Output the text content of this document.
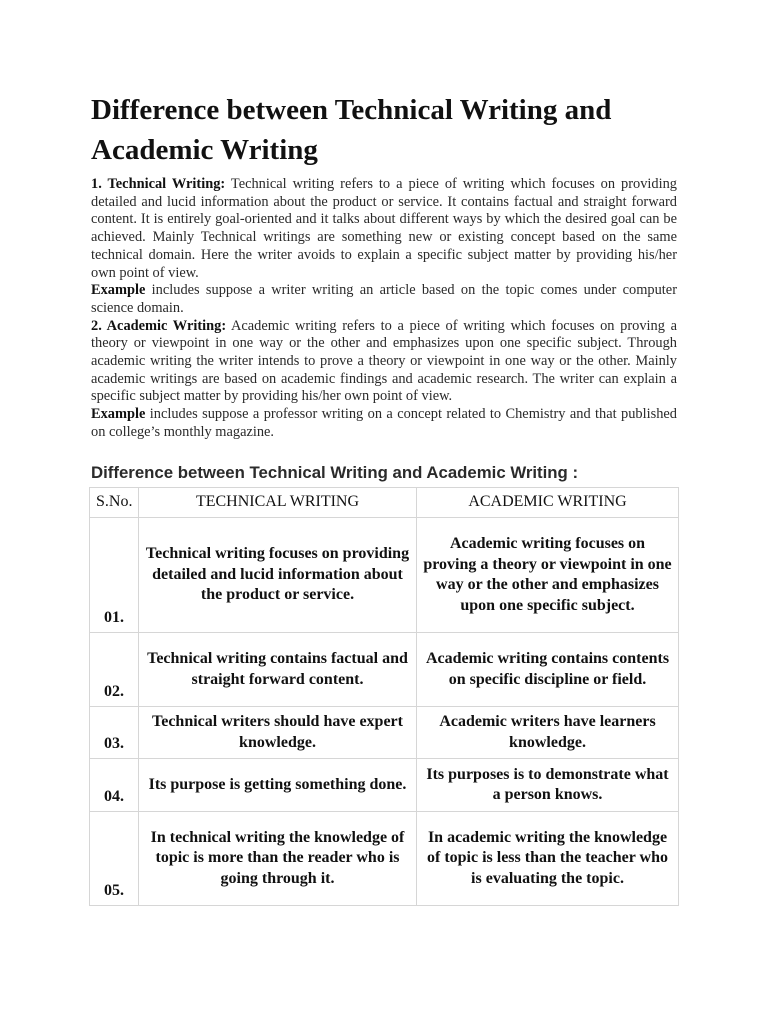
Difference between Technical Writing and Academic Writing

1. Technical Writing: Technical writing refers to a piece of writing which focuses on providing detailed and lucid information about the product or service. It contains factual and straight forward content. It is entirely goal-oriented and it talks about different ways by which the desired goal can be achieved. Mainly Technical writings are something new or existing concept based on the same technical domain. Here the writer avoids to explain a specific subject matter by providing his/her own point of view.

Example includes suppose a writer writing an article based on the topic comes under computer science domain.

2. Academic Writing: Academic writing refers to a piece of writing which focuses on proving a theory or viewpoint in one way or the other and emphasizes upon one specific subject. Through academic writing the writer intends to prove a theory or viewpoint in one way or the other. Mainly academic writings are based on academic findings and academic research. The writer can explain a specific subject matter by providing his/her own point of view.

Example includes suppose a professor writing on a concept related to Chemistry and that published on college’s monthly magazine.

Difference between Technical Writing and Academic Writing :
S.No.	TECHNICAL WRITING	ACADEMIC WRITING
01.	Technical writing focuses on providing detailed and lucid information about the product or service.	Academic writing focuses on proving a theory or viewpoint in one way or the other and emphasizes upon one specific subject.
02.	Technical writing contains factual and straight forward content.	Academic writing contains contents on specific discipline or field.
03.	Technical writers should have expert knowledge.	Academic writers have learners knowledge.
04.	Its purpose is getting something done.	Its purposes is to demonstrate what a person knows.
05.	In technical writing the knowledge of topic is more than the reader who is going through it.	In academic writing the knowledge of topic is less than the teacher who is evaluating the topic.
